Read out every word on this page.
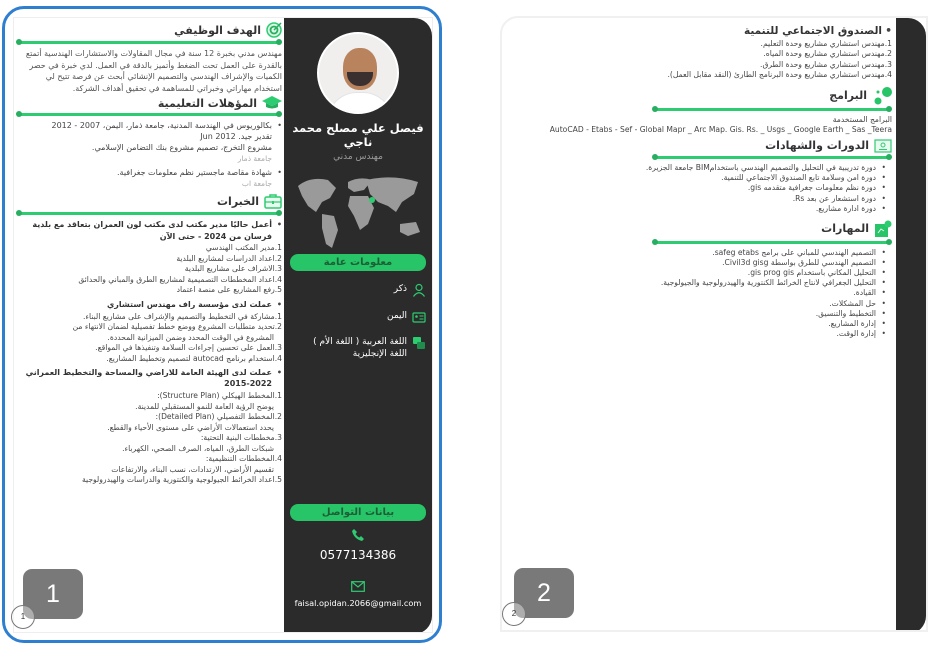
الهدف الوظيفي
مهندس مدني بخبرة 12 سنة في مجال المقاولات والاستشارات الهندسية أتمتع بالقدرة على العمل تحت الضغط وأتميز بالدقة في العمل. لدي خبرة في حصر الكميات والإشراف الهندسي والتصميم الإنشائي أبحث عن فرصة تتيح لي استخدام مهاراتي وخبراتي للمساهمة في تحقيق أهداف الشركة.
المؤهلات التعليمية
• بكالوريوس في الهندسة المدنية، جامعة ذمار، اليمن، 2007 - 2012
تقدير جيد. Jun 2012
مشروع التخرج، تصميم مشروع بنك التضامن الإسلامي.
جامعة ذمار
• شهادة مقاصة ماجستير نظم معلومات جغرافية.
جامعة اب
الخبرات
• أعمل حاليًا مدير مكتب لدى مكتب لون العمران بتعاقد مع بلدية فرسان من 2024 - حتى الآن
1.مدير المكتب الهندسي
2.اعداد الدراسات لمشاريع البلدية
3.الاشراف على مشاريع البلدية
4.اعداد المخططات التصميمية لمشاريع الطرق والمباني والحدائق
5.رفع المشاريع على منصة اعتماد
• عملت لدى مؤسسة راف مهندس استشاري
1.مشاركة في التخطيط والتصميم والإشراف على مشاريع البناء.
2.تحديد متطلبات المشروع ووضع خطط تفصيلية لضمان الانتهاء من
المشروع في الوقت المحدد وضمن الميزانية المحددة.
3.العمل على تحسين إجراءات السلامة وتنفيذها في المواقع.
4.استخدام برنامج autocad لتصميم وتخطيط المشاريع.
• عملت لدى الهيئة العامة للاراضي والمساحة والتخطيط العمراني 2022-2015
1.المخطط الهيكلي (Structure Plan):
يوضح الرؤية العامة للنمو المستقبلي للمدينة.
2.المخطط التفصيلي (Detailed Plan):
يحدد استعمالات الأراضي على مستوى الأحياء والقطع.
3.مخططات البنية التحتية:
شبكات الطرق، المياه، الصرف الصحي، الكهرباء.
4.المخططات التنظيمية:
تقسيم الأراضي، الارتدادات، نسب البناء، والارتفاعات
5.اعداد الخرائط الجيولوجية والكنتورية والدراسات والهيدرولوجية
فيصل علي مصلح محمد ناجي
مهندس مدني
معلومات عامة
ذكر
اليمن
اللغة العربية ( اللغة الأم )
اللغة الإنجليزية
بيانات التواصل
0577134386
faisal.opidan.2066@gmail.com
1
1
• الصندوق الاجتماعي للتنمية
1.مهندس استشاري مشاريع وحدة التعليم.
2.مهندس استشاري مشاريع وحدة المياه.
3.مهندس استشاري مشاريع وحدة الطرق.
4.مهندس استشاري مشاريع وحدة البرنامج الطارئ (النقد مقابل العمل).
البرامج
البرامج المستخدمة
AutoCAD - Etabs - Sef - Global Mapr _ Arc Map. Gis. Rs. _ Usgs _ Google Earth _ Sas _Teera
الدورات والشهادات
• دورة تدريبية في التحليل والتصميم الهندسي باستخدامBIM جامعة الجزيرة.
• دورة امن وسلامة تابع الصندوق الاجتماعي للتنمية.
• دورة نظم معلومات جغرافية متقدمه gis.
• دورة استشعار عن بعد Rs.
• دورة ادارة مشاريع.
المهارات
• التصميم الهندسي للمباني على برامج safeg etabs.
• التصميم الهندسي للطرق بواسطة Civil3d gisg.
• التحليل المكاني باستخدام gis prog gis.
• التحليل الجغرافي لانتاج الخرائط الكنتورية والهيدرولوجية والجيولوجية.
• القيادة.
• حل المشكلات.
• التخطيط والتنسيق.
• إدارة المشاريع.
• إدارة الوقت.
2
2
